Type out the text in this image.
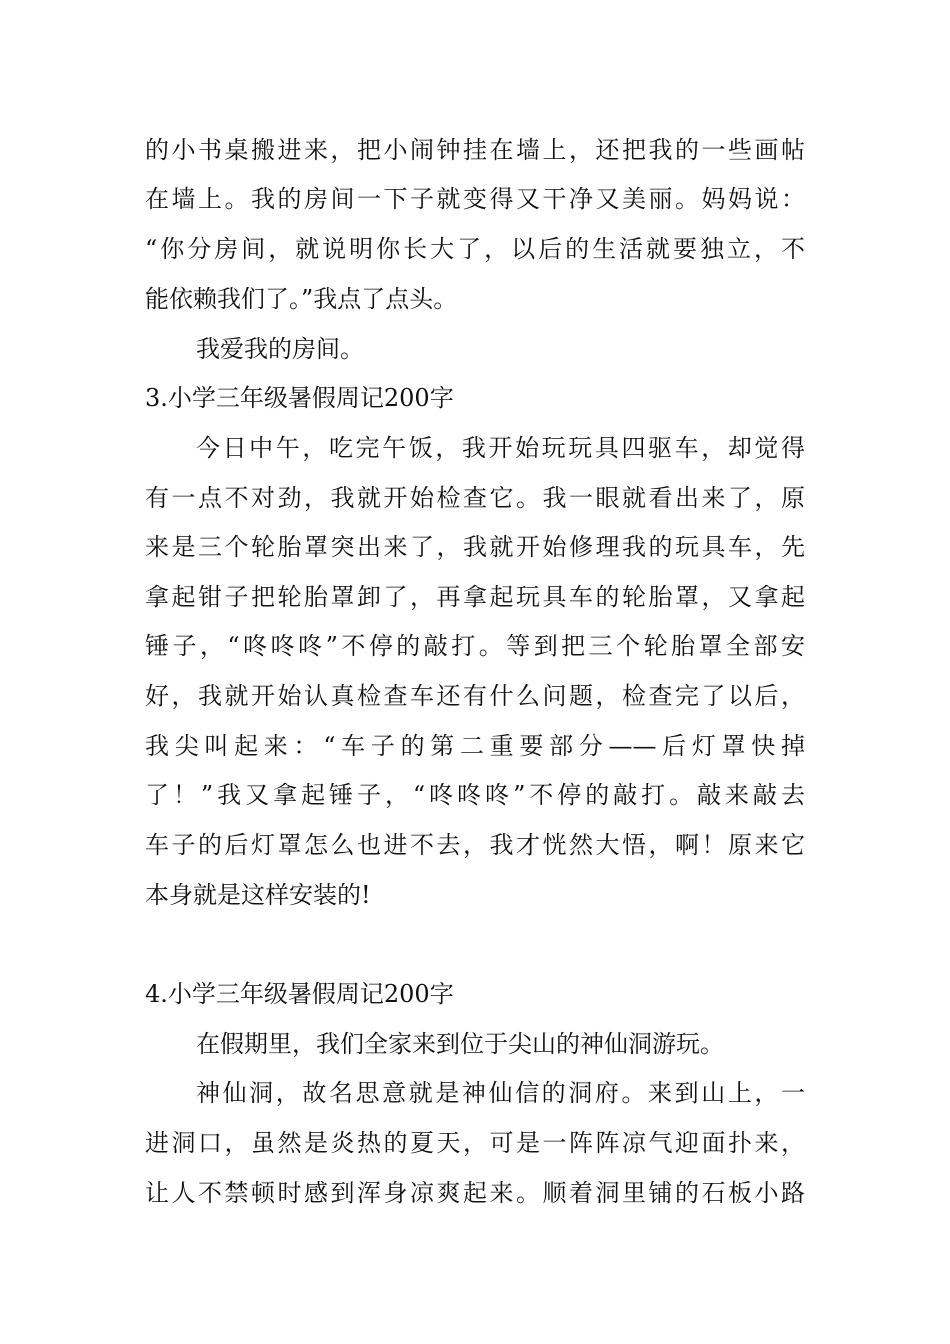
的小书桌搬进来，把小闹钟挂在墙上，还把我的一些画帖
在墙上。我的房间一下子就变得又干净又美丽。妈妈说：
“你分房间，就说明你长大了，以后的生活就要独立，不
能依赖我们了。”我点了点头。
我爱我的房间。
3.小学三年级暑假周记200字
今日中午，吃完午饭，我开始玩玩具四驱车，却觉得
有一点不对劲，我就开始检查它。我一眼就看出来了，原
来是三个轮胎罩突出来了，我就开始修理我的玩具车，先
拿起钳子把轮胎罩卸了，再拿起玩具车的轮胎罩，又拿起
锤子，“咚咚咚”不停的敲打。等到把三个轮胎罩全部安
好，我就开始认真检查车还有什么问题，检查完了以后，
我尖叫起来：“车子的第二重要部分——后灯罩快掉
了！”我又拿起锤子，“咚咚咚”不停的敲打。敲来敲去
车子的后灯罩怎么也进不去，我才恍然大悟，啊！原来它
本身就是这样安装的!
4.小学三年级暑假周记200字
在假期里，我们全家来到位于尖山的神仙洞游玩。
神仙洞，故名思意就是神仙信的洞府。来到山上，一
进洞口，虽然是炎热的夏天，可是一阵阵凉气迎面扑来，
让人不禁顿时感到浑身凉爽起来。顺着洞里铺的石板小路
